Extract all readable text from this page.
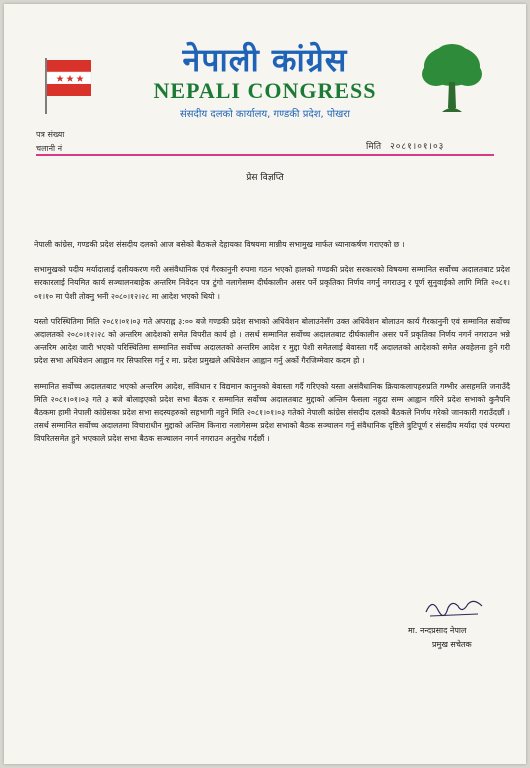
नेपाली कांग्रेस
NEPALI CONGRESS
संसदीय दलको कार्यालय, गण्डकी प्रदेश, पोखरा
पत्र संख्या
चलानी नं	मिति २०८१।०१।०३
प्रेस विज्ञप्ति

नेपाली कांग्रेस, गण्डकी प्रदेश संसदीय दलको आज बसेको बैठकले देहायका विषयमा मान्नीय सभामुख मार्फत ध्यानाकर्षण गराएको छ ।

सभामुखको पदीय मर्यादालाई दलीयकरण गरी असंवैधानिक एवं गैरकानुनी रुपमा गठन भएको हालको गण्डकी प्रदेश सरकारको विषयमा सम्मानित सर्वोच्च अदालतबाट प्रदेश सरकारलाई नियमित कार्य सञ्चालनबाहेक अन्तरिम निवेदन पत्र टुंगो नलागेसम्म दीर्घकालीन असर पर्ने प्रकृतिका निर्णय नगर्नु नगराउनु र पूर्ण सुनुवाईको लागि मिति २०८१।०१।१० मा पेशी तोक्नु भनी २०८०।१२।२८ मा आदेश भएको थियो ।

यस्तो परिस्थितिमा मिति २०८१।०१।०३ गते अपराह्न ३:०० बजे गण्डकी प्रदेश सभाको अधिवेशन बोलाउनेसँग उक्त अधिवेशन बोलाउन कार्य गैरकानुनी एवं सम्मानित सर्वोच्च अदालतको २०८०।१२।२८ को अन्तरिम आदेशको समेत विपरीत कार्य हो । तसर्थ सम्मानित सर्वोच्च अदालतबाट दीर्घकालीन असर पर्ने प्रकृतिका निर्णय नगर्न नगराउन भन्ने अन्तरिम आदेश जारी भएको परिस्थितिमा सम्मानित सर्वोच्च अदालतको अन्तरिम आदेश र मुद्दा पेशी समेतलाई बेवास्ता गर्दै अदालतको आदेशको समेत अवहेलना हुने गरी प्रदेश सभा अधिवेशन आह्वान गर सिफारिस गर्नु र मा. प्रदेश प्रमुखले अधिवेशन आह्वान गर्नु अर्को गैरजिम्मेवार कदम हो ।

सम्मानित सर्वोच्च अदालतबाट भएको अन्तरिम आदेश, संविधान र विद्यमान कानुनको बेवास्ता गर्दै गरिएको यस्ता असंवैधानिक क्रियाकलापहरुप्रति गम्भीर असहमति जनाउँदै मिति २०८१।०१।०३ गते ३ बजे बोलाइएको प्रदेश सभा बैठक र सम्मानित सर्वोच्च अदालतबाट मुद्दाको अन्तिम फैसला नहुदा सम्म आह्वान गरिने प्रदेश सभाको कुनैपनि बैठकमा हामी नेपाली कांग्रेसका प्रदेश सभा सदस्यहरुको सहभागी नहुने मिति २०८१।०१।०३ गतेको नेपाली कांग्रेस संसदीय दलको बैठकले निर्णय गरेको जानकारी गराउँदछौं । तसर्थ सम्मानित सर्वोच्च अदालतमा विचाराधीन मुद्दाको अन्तिम किनारा नलागेसम्म प्रदेश सभाको बैठक सञ्चालन गर्नु संवैधानिक दृष्टिले त्रुटिपूर्ण र संसदीय मर्यादा एवं परम्परा विपरितसमेत हुने भएकाले प्रदेश सभा बैठक सञ्चालन नगर्न नगराउन अनुरोध गर्दछौं ।

मा. नन्दप्रसाद नेपाल
प्रमुख सचेतक
